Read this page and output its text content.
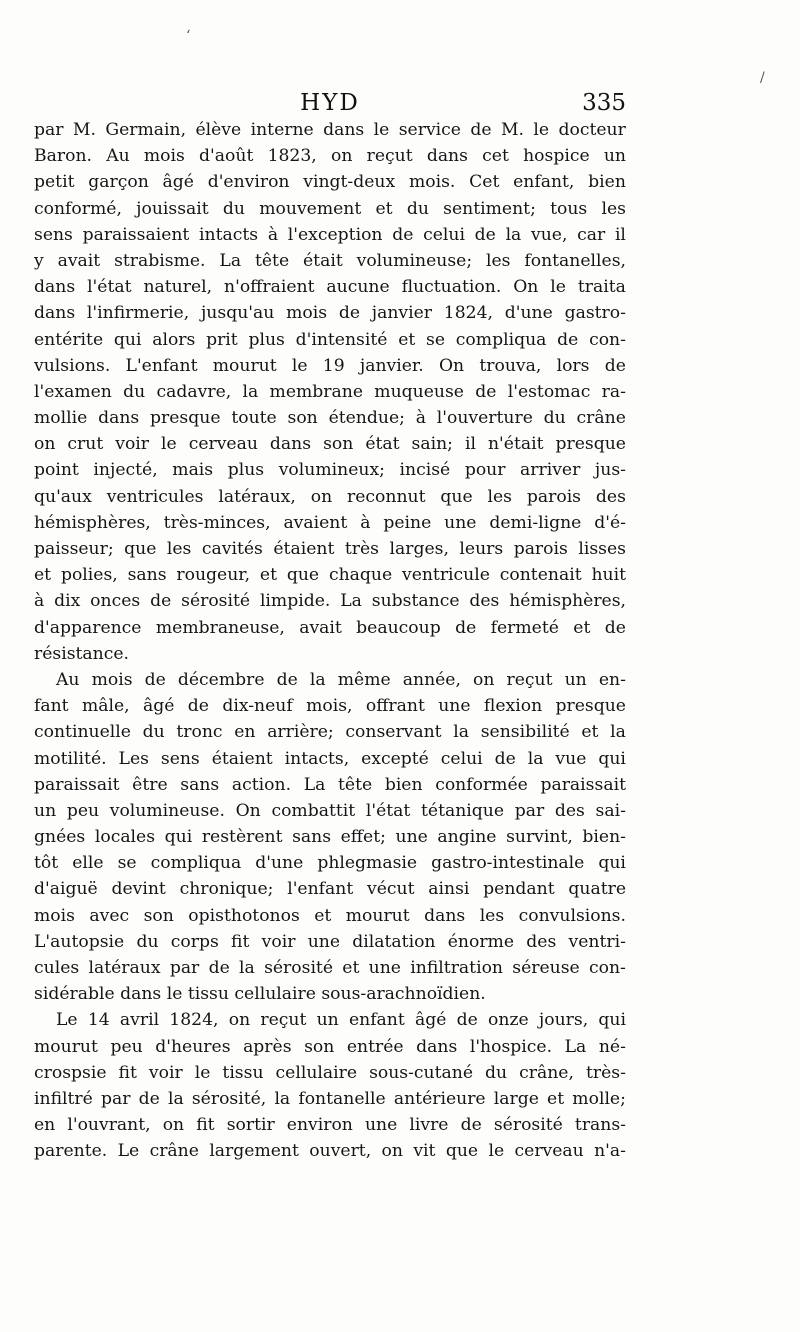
HYD	335
par M. Germain, élève interne dans le service de M. le docteur
Baron. Au mois d'août 1823, on reçut dans cet hospice un
petit garçon âgé d'environ vingt-deux mois. Cet enfant, bien
conformé, jouissait du mouvement et du sentiment; tous les
sens paraissaient intacts à l'exception de celui de la vue, car il
y avait strabisme. La tête était volumineuse; les fontanelles,
dans l'état naturel, n'offraient aucune fluctuation. On le traita
dans l'infirmerie, jusqu'au mois de janvier 1824, d'une gastro-
entérite qui alors prit plus d'intensité et se compliqua de con-
vulsions. L'enfant mourut le 19 janvier. On trouva, lors de
l'examen du cadavre, la membrane muqueuse de l'estomac ra-
mollie dans presque toute son étendue; à l'ouverture du crâne
on crut voir le cerveau dans son état sain; il n'était presque
point injecté, mais plus volumineux; incisé pour arriver jus-
qu'aux ventricules latéraux, on reconnut que les parois des
hémisphères, très-minces, avaient à peine une demi-ligne d'é-
paisseur; que les cavités étaient très larges, leurs parois lisses
et polies, sans rougeur, et que chaque ventricule contenait huit
à dix onces de sérosité limpide. La substance des hémisphères,
d'apparence membraneuse, avait beaucoup de fermeté et de
résistance.
Au mois de décembre de la même année, on reçut un en-
fant mâle, âgé de dix-neuf mois, offrant une flexion presque
continuelle du tronc en arrière; conservant la sensibilité et la
motilité. Les sens étaient intacts, excepté celui de la vue qui
paraissait être sans action. La tête bien conformée paraissait
un peu volumineuse. On combattit l'état tétanique par des sai-
gnées locales qui restèrent sans effet; une angine survint, bien-
tôt elle se compliqua d'une phlegmasie gastro-intestinale qui
d'aiguë devint chronique; l'enfant vécut ainsi pendant quatre
mois avec son opisthotonos et mourut dans les convulsions.
L'autopsie du corps fit voir une dilatation énorme des ventri-
cules latéraux par de la sérosité et une infiltration séreuse con-
sidérable dans le tissu cellulaire sous-arachnoïdien.
Le 14 avril 1824, on reçut un enfant âgé de onze jours, qui
mourut peu d'heures après son entrée dans l'hospice. La né-
crospsie fit voir le tissu cellulaire sous-cutané du crâne, très-
infiltré par de la sérosité, la fontanelle antérieure large et molle;
en l'ouvrant, on fit sortir environ une livre de sérosité trans-
parente. Le crâne largement ouvert, on vit que le cerveau n'a-
ʻ
/
